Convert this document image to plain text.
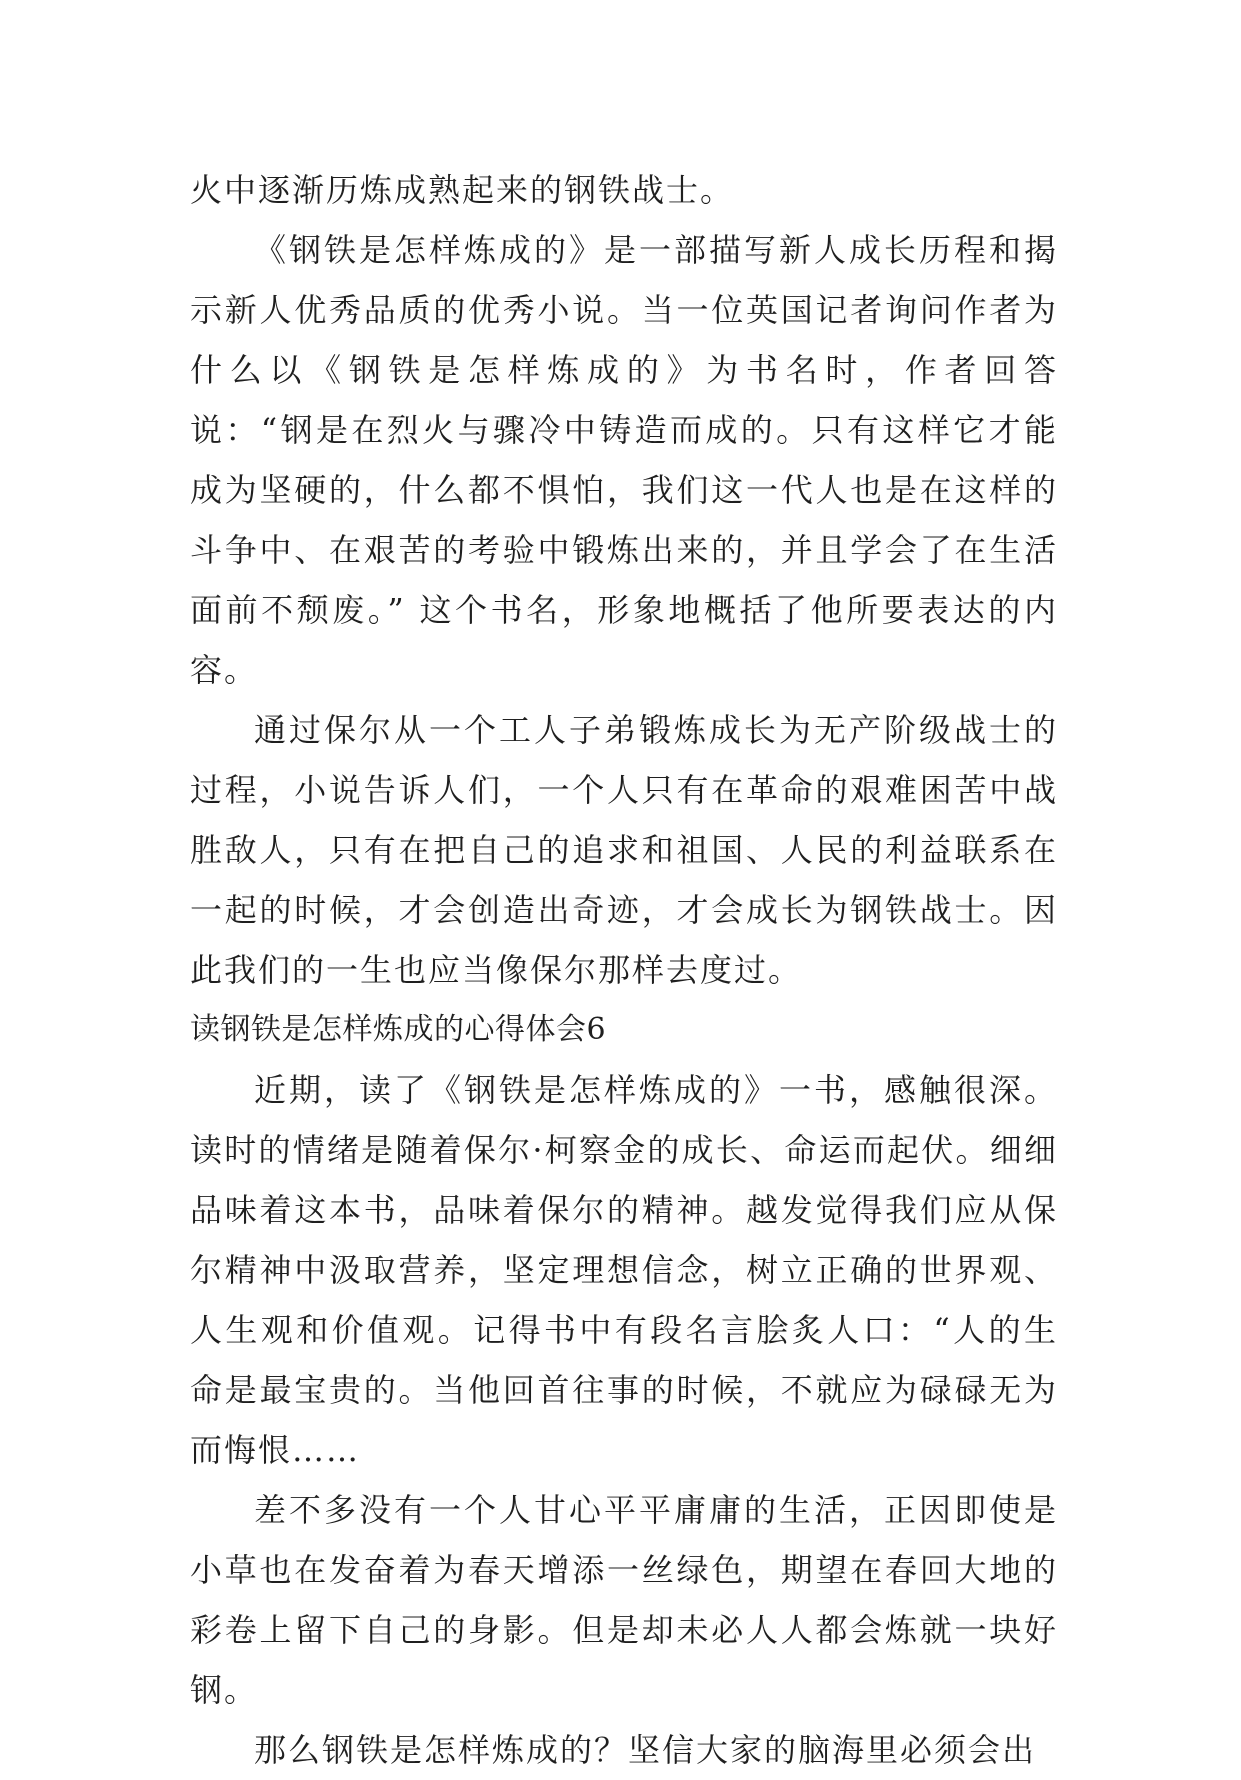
火中逐渐历炼成熟起来的钢铁战士。

《钢铁是怎样炼成的》是一部描写新人成长历程和揭示新人优秀品质的优秀小说。当一位英国记者询问作者为什么以《钢铁是怎样炼成的》为书名时，作者回答说：“钢是在烈火与骤冷中铸造而成的。只有这样它才能成为坚硬的，什么都不惧怕，我们这一代人也是在这样的斗争中、在艰苦的考验中锻炼出来的，并且学会了在生活面前不颓废。” 这个书名，形象地概括了他所要表达的内容。

通过保尔从一个工人子弟锻炼成长为无产阶级战士的过程，小说告诉人们，一个人只有在革命的艰难困苦中战胜敌人，只有在把自己的追求和祖国、人民的利益联系在一起的时候，才会创造出奇迹，才会成长为钢铁战士。因此我们的一生也应当像保尔那样去度过。

读钢铁是怎样炼成的心得体会6

近期，读了《钢铁是怎样炼成的》一书，感触很深。读时的情绪是随着保尔·柯察金的成长、命运而起伏。细细品味着这本书，品味着保尔的精神。越发觉得我们应从保尔精神中汲取营养，坚定理想信念，树立正确的世界观、人生观和价值观。记得书中有段名言脍炙人口：“人的生命是最宝贵的。当他回首往事的时候，不就应为碌碌无为而悔恨……

差不多没有一个人甘心平平庸庸的生活，正因即使是小草也在发奋着为春天增添一丝绿色，期望在春回大地的彩卷上留下自己的身影。但是却未必人人都会炼就一块好钢。

那么钢铁是怎样炼成的？坚信大家的脑海里必须会出
